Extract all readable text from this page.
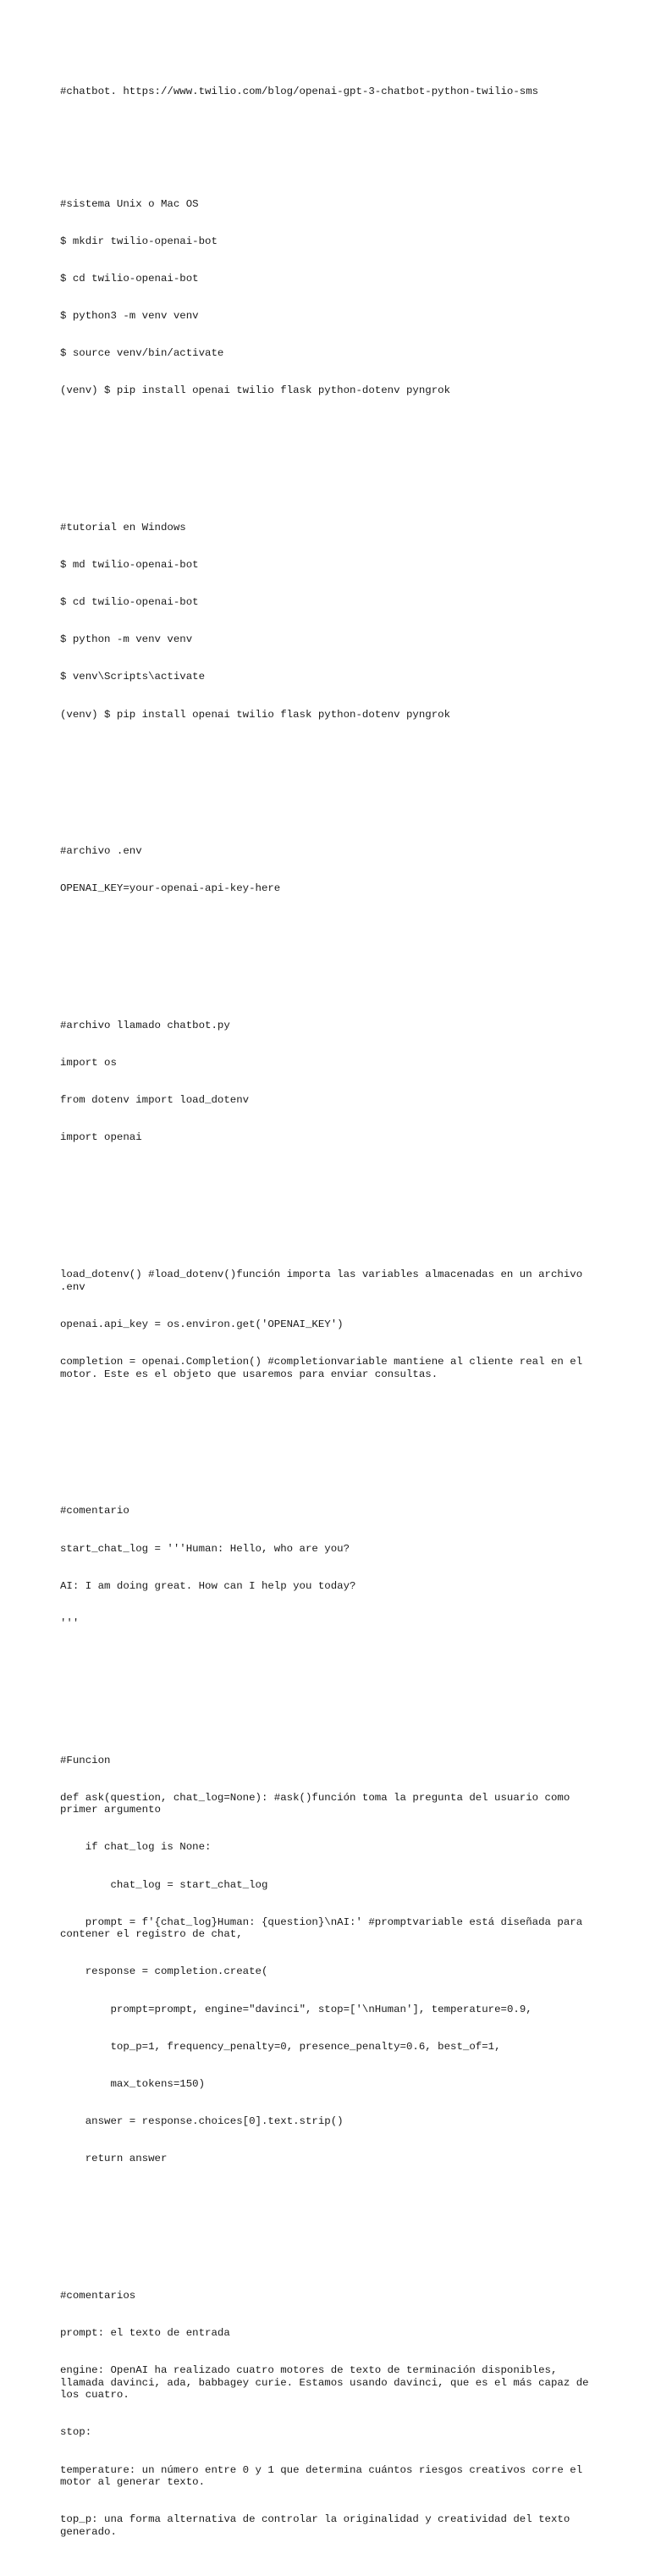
#chatbot. https://www.twilio.com/blog/openai-gpt-3-chatbot-python-twilio-sms

#sistema Unix o Mac OS

$ mkdir twilio-openai-bot

$ cd twilio-openai-bot

$ python3 -m venv venv

$ source venv/bin/activate

(venv) $ pip install openai twilio flask python-dotenv pyngrok

#tutorial en Windows

$ md twilio-openai-bot

$ cd twilio-openai-bot

$ python -m venv venv

$ venv\Scripts\activate

(venv) $ pip install openai twilio flask python-dotenv pyngrok

#archivo .env

OPENAI_KEY=your-openai-api-key-here

#archivo llamado chatbot.py

import os

from dotenv import load_dotenv

import openai

load_dotenv() #load_dotenv()función importa las variables almacenadas en un archivo .env

openai.api_key = os.environ.get('OPENAI_KEY')

completion = openai.Completion() #completionvariable mantiene al cliente real en el motor. Este es el objeto que usaremos para enviar consultas.

#comentario

start_chat_log = '''Human: Hello, who are you?

AI: I am doing great. How can I help you today?

'''

#Funcion

def ask(question, chat_log=None): #ask()función toma la pregunta del usuario como primer argumento

if chat_log is None:

chat_log = start_chat_log

prompt = f'{chat_log}Human: {question}\nAI:' #promptvariable está diseñada para contener el registro de chat,

response = completion.create(

prompt=prompt, engine="davinci", stop=['\nHuman'], temperature=0.9,

top_p=1, frequency_penalty=0, presence_penalty=0.6, best_of=1,

max_tokens=150)

answer = response.choices[0].text.strip()

return answer

#comentarios

prompt: el texto de entrada

engine: OpenAI ha realizado cuatro motores de texto de terminación disponibles, llamada davinci, ada, babbagey curie. Estamos usando davinci, que es el más capaz de los cuatro.

stop:

temperature: un número entre 0 y 1 que determina cuántos riesgos creativos corre el motor al generar texto.

top_p: una forma alternativa de controlar la originalidad y creatividad del texto generado.
